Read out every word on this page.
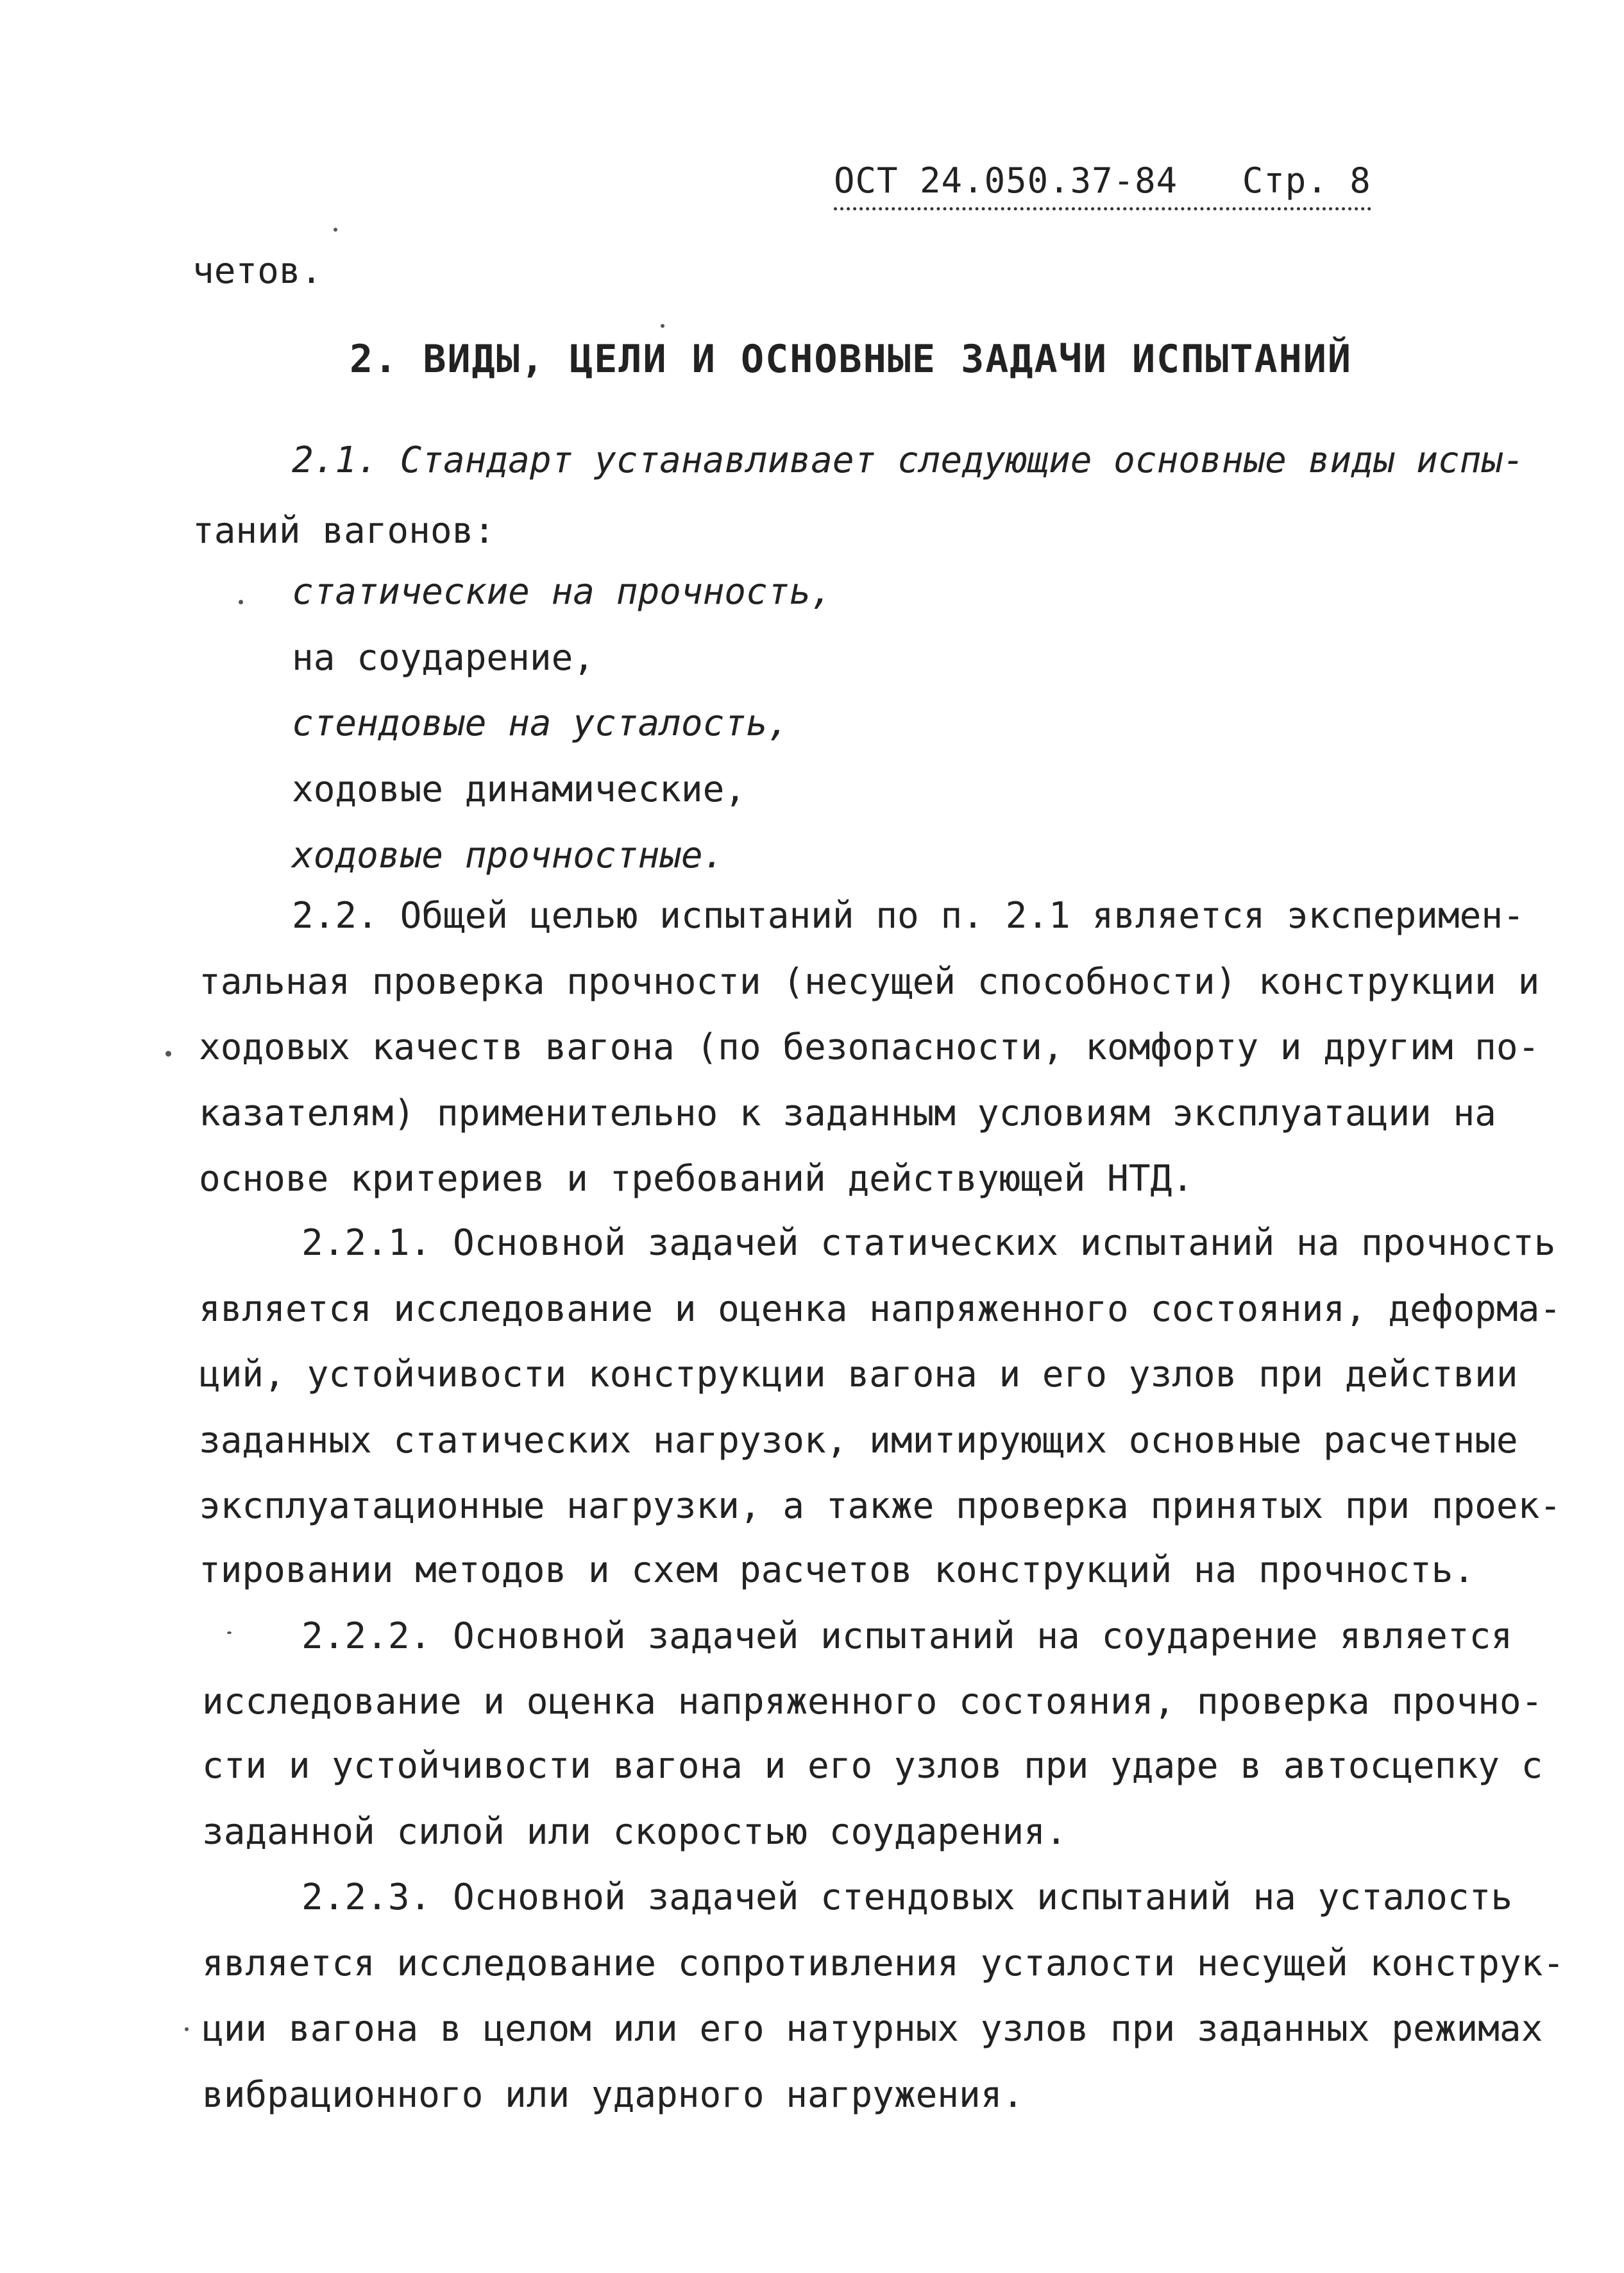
ОСТ 24.050.37-84 Стр. 8
четов.
2. ВИДЫ, ЦЕЛИ И ОСНОВНЫЕ ЗАДАЧИ ИСПЫТАНИЙ
2.1. Стандарт устанавливает следующие основные виды испы-
таний вагонов:
статические на прочность,
на соударение,
стендовые на усталость,
ходовые динамические,
ходовые прочностные.
2.2. Общей целью испытаний по п. 2.1 является эксперимен-
тальная проверка прочности (несущей способности) конструкции и
ходовых качеств вагона (по безопасности, комфорту и другим по-
казателям) применительно к заданным условиям эксплуатации на
основе критериев и требований действующей НТД.
2.2.1. Основной задачей статических испытаний на прочность
является исследование и оценка напряженного состояния, деформа-
ций, устойчивости конструкции вагона и его узлов при действии
заданных статических нагрузок, имитирующих основные расчетные
эксплуатационные нагрузки, а также проверка принятых при проек-
тировании методов и схем расчетов конструкций на прочность.
2.2.2. Основной задачей испытаний на соударение является
исследование и оценка напряженного состояния, проверка прочно-
сти и устойчивости вагона и его узлов при ударе в автосцепку с
заданной силой или скоростью соударения.
2.2.3. Основной задачей стендовых испытаний на усталость
является исследование сопротивления усталости несущей конструк-
ции вагона в целом или его натурных узлов при заданных режимах
вибрационного или ударного нагружения.
